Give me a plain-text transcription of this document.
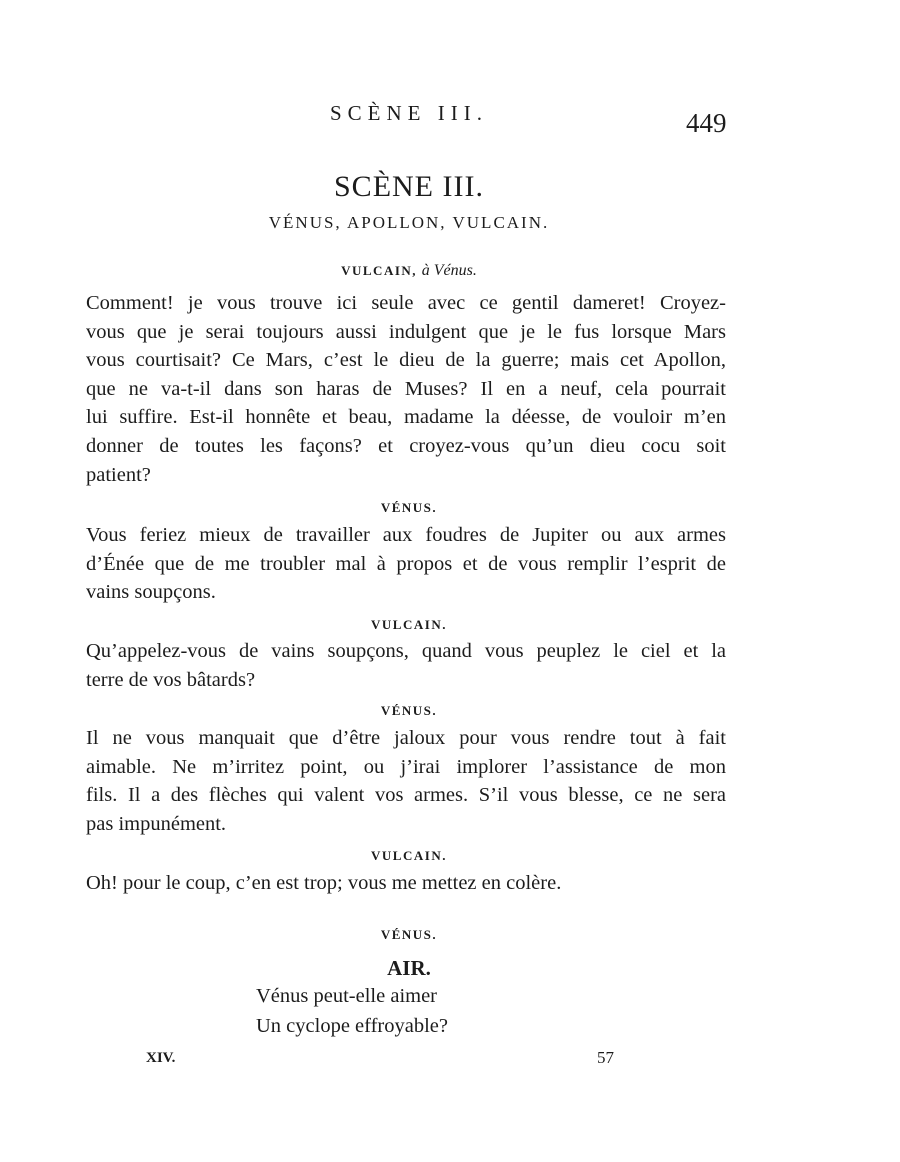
SCÈNE III.	449
SCÈNE III.
VÉNUS, APOLLON, VULCAIN.
VULCAIN, à Vénus.
Comment! je vous trouve ici seule avec ce gentil dameret! Croyez-
vous que je serai toujours aussi indulgent que je le fus lorsque Mars
vous courtisait? Ce Mars, c’est le dieu de la guerre; mais cet Apollon,
que ne va-t-il dans son haras de Muses? Il en a neuf, cela pourrait
lui suffire. Est-il honnête et beau, madame la déesse, de vouloir m’en
donner de toutes les façons? et croyez-vous qu’un dieu cocu soit
patient?
VÉNUS.
Vous feriez mieux de travailler aux foudres de Jupiter ou aux armes
d’Énée que de me troubler mal à propos et de vous remplir l’esprit de
vains soupçons.
VULCAIN.
Qu’appelez-vous de vains soupçons, quand vous peuplez le ciel et la
terre de vos bâtards?
VÉNUS.
Il ne vous manquait que d’être jaloux pour vous rendre tout à fait
aimable. Ne m’irritez point, ou j’irai implorer l’assistance de mon
fils. Il a des flèches qui valent vos armes. S’il vous blesse, ce ne sera
pas impunément.
VULCAIN.
Oh! pour le coup, c’en est trop; vous me mettez en colère.
VÉNUS.
AIR.
Vénus peut-elle aimer
Un cyclope effroyable?
XIV.	57
